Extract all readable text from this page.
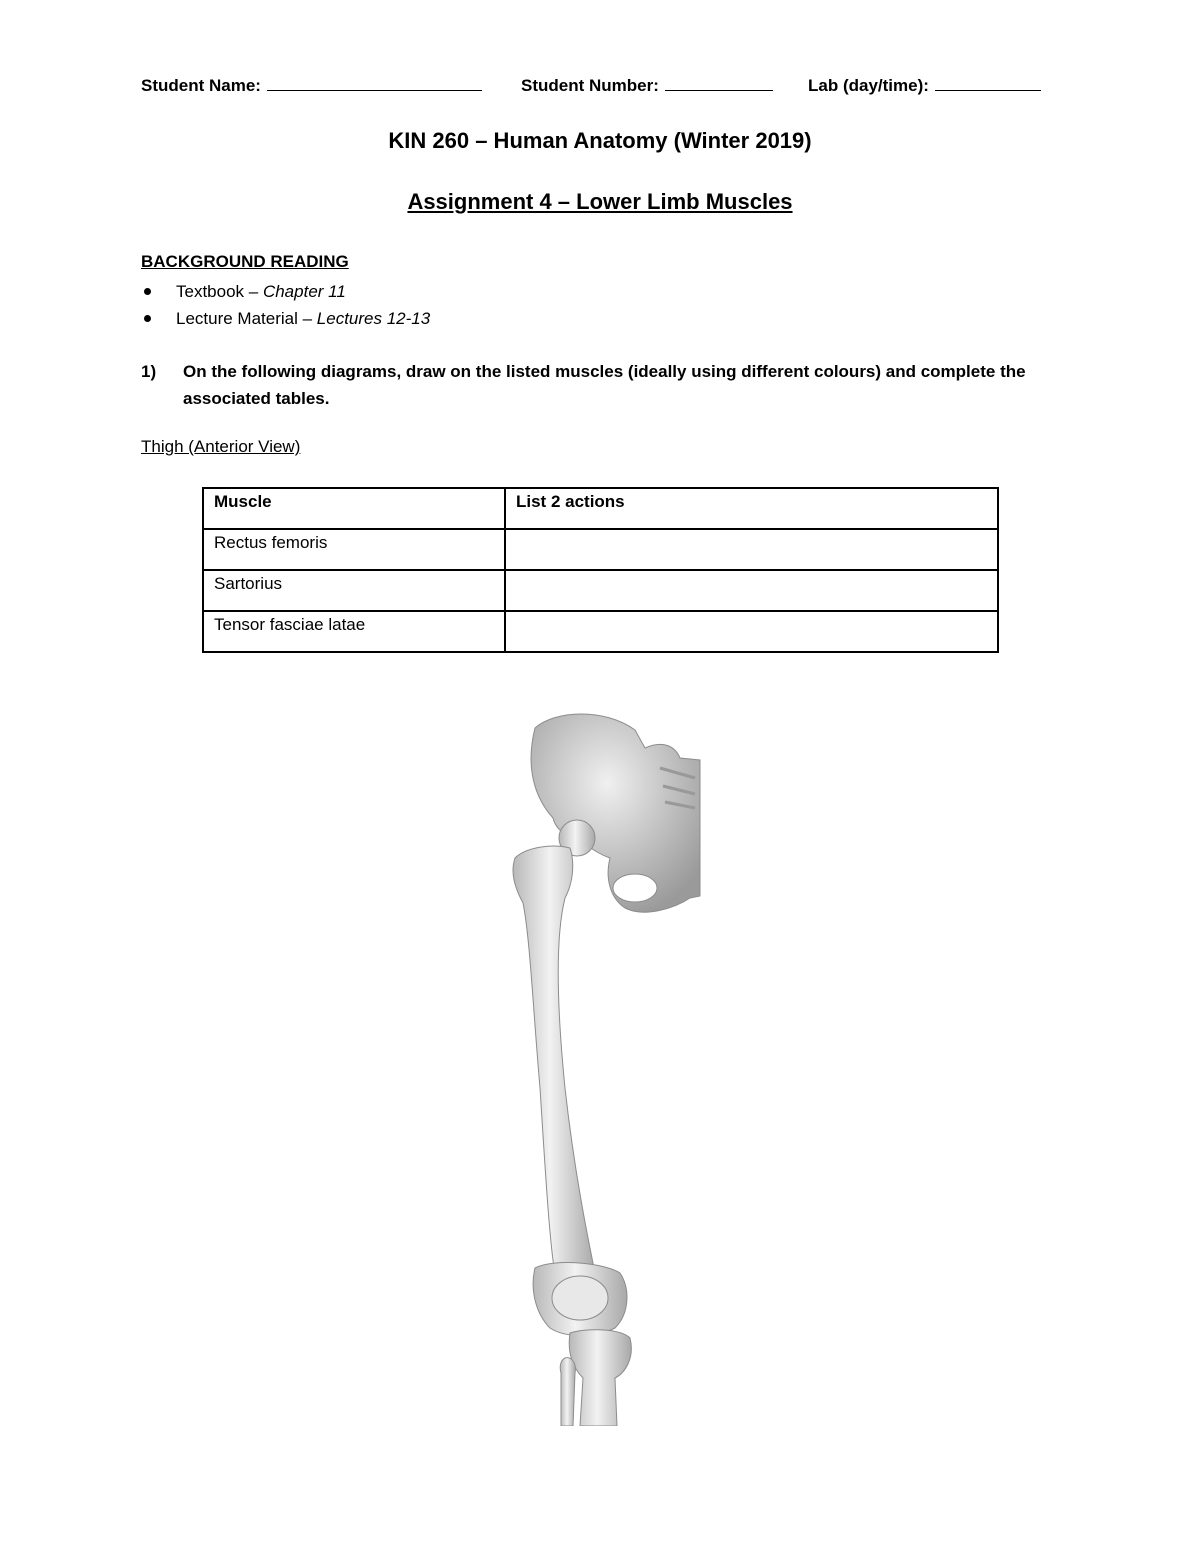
Student Name:	Student Number:	Lab (day/time):
KIN 260 – Human Anatomy (Winter 2019)
Assignment 4 – Lower Limb Muscles
BACKGROUND READING
Textbook – Chapter 11
Lecture Material – Lectures 12-13
1) On the following diagrams, draw on the listed muscles (ideally using different colours) and complete the associated tables.
Thigh (Anterior View)
Muscle	List 2 actions
Rectus femoris	
Sartorius	
Tensor fasciae latae	
